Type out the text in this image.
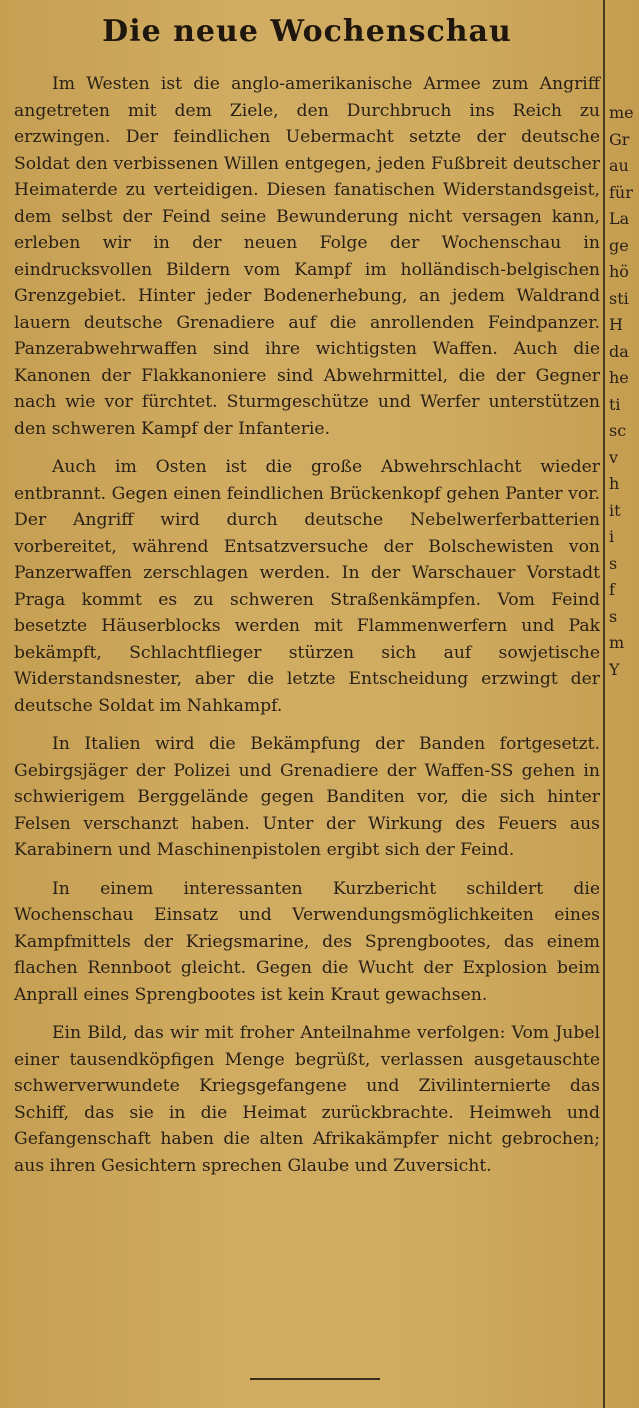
Die neue Wochenschau

Im Westen ist die anglo-amerikanische Armee zum Angriff angetreten mit dem Ziele, den Durchbruch ins Reich zu erzwingen. Der feindlichen Uebermacht setzte der deutsche Soldat den verbissenen Willen entgegen, jeden Fußbreit deutscher Heimaterde zu verteidigen. Diesen fanatischen Widerstandsgeist, dem selbst der Feind seine Bewunderung nicht versagen kann, erleben wir in der neuen Folge der Wochenschau in eindrucksvollen Bildern vom Kampf im holländisch-belgischen Grenzgebiet. Hinter jeder Bodenerhebung, an jedem Waldrand lauern deutsche Grenadiere auf die anrollenden Feindpanzer. Panzerabwehrwaffen sind ihre wichtigsten Waffen. Auch die Kanonen der Flakkanoniere sind Abwehrmittel, die der Gegner nach wie vor fürchtet. Sturmgeschütze und Werfer unterstützen den schweren Kampf der Infanterie.

Auch im Osten ist die große Abwehrschlacht wieder entbrannt. Gegen einen feindlichen Brückenkopf gehen Panter vor. Der Angriff wird durch deutsche Nebelwerferbatterien vorbereitet, während Entsatzversuche der Bolschewisten von Panzerwaffen zerschlagen werden. In der Warschauer Vorstadt Praga kommt es zu schweren Straßenkämpfen. Vom Feind besetzte Häuserblocks werden mit Flammenwerfern und Pak bekämpft, Schlachtflieger stürzen sich auf sowjetische Widerstandsnester, aber die letzte Entscheidung erzwingt der deutsche Soldat im Nahkampf.

In Italien wird die Bekämpfung der Banden fortgesetzt. Gebirgsjäger der Polizei und Grenadiere der Waffen-SS gehen in schwierigem Berggelände gegen Banditen vor, die sich hinter Felsen verschanzt haben. Unter der Wirkung des Feuers aus Karabinern und Maschinenpistolen ergibt sich der Feind.

In einem interessanten Kurzbericht schildert die Wochenschau Einsatz und Verwendungsmöglichkeiten eines Kampfmittels der Kriegsmarine, des Sprengbootes, das einem flachen Rennboot gleicht. Gegen die Wucht der Explosion beim Anprall eines Sprengbootes ist kein Kraut gewachsen.

Ein Bild, das wir mit froher Anteilnahme verfolgen: Vom Jubel einer tausendköpfigen Menge begrüßt, verlassen ausgetauschte schwerverwundete Kriegsgefangene und Zivilinternierte das Schiff, das sie in die Heimat zurückbrachte. Heimweh und Gefangenschaft haben die alten Afrikakämpfer nicht gebrochen; aus ihren Gesichtern sprechen Glaube und Zuversicht.

me
Gr
au
für
La
ge
hö
sti
H
da
he
ti
sc
v
h
it
i
s
f
s
m
Y
